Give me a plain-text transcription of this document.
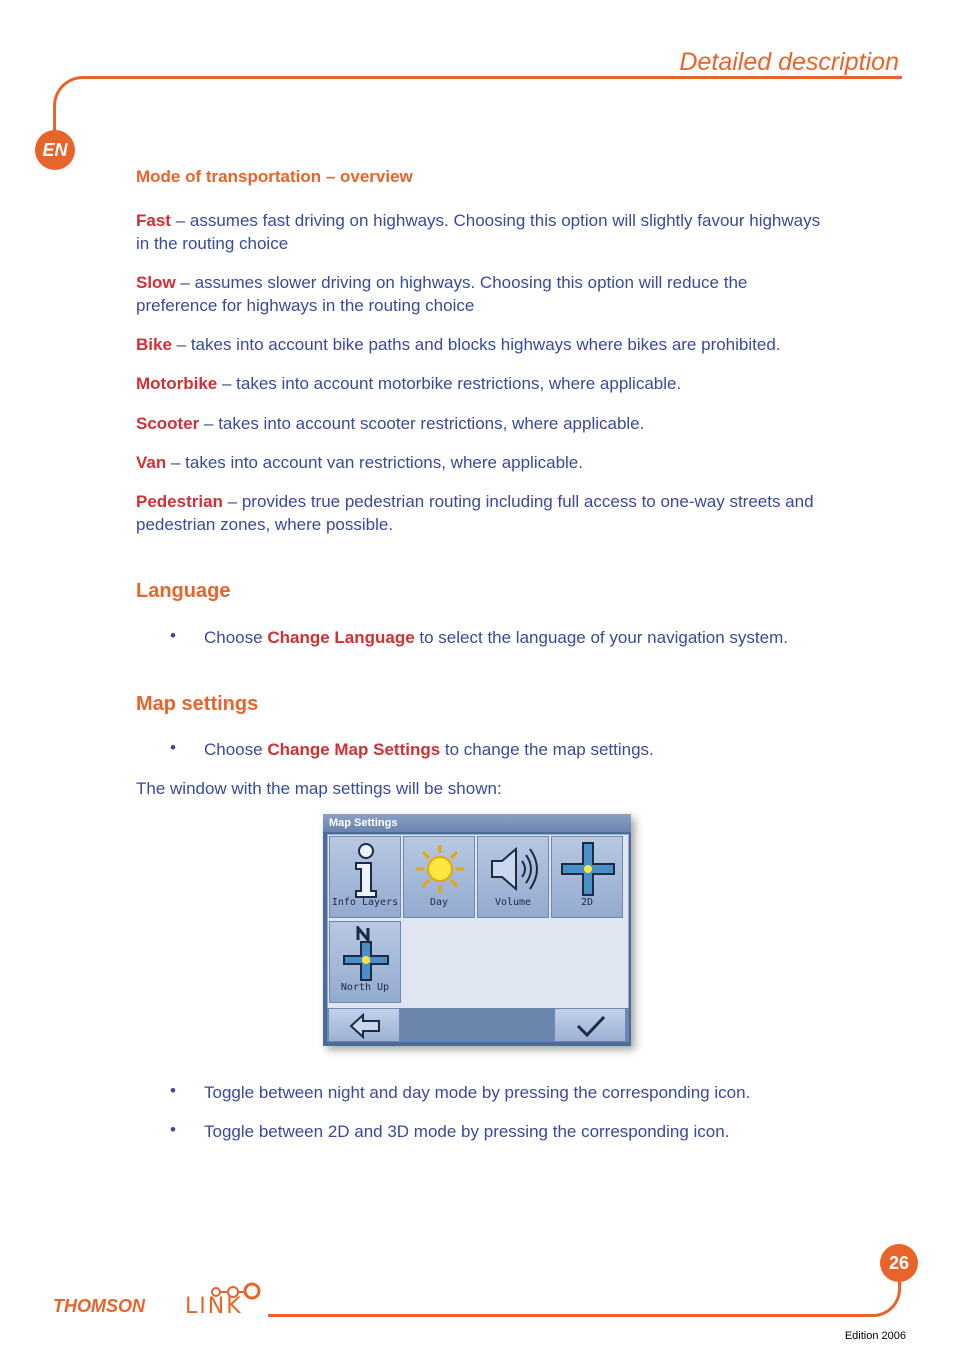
Detailed description
EN
Mode of transportation – overview
Fast – assumes fast driving on highways. Choosing this option will slightly favour highways in the routing choice
Slow – assumes slower driving on highways. Choosing this option will reduce the preference for highways in the routing choice
Bike – takes into account bike paths and blocks highways where bikes are prohibited.
Motorbike – takes into account motorbike restrictions, where applicable.
Scooter – takes into account scooter restrictions, where applicable.
Van – takes into account van restrictions, where applicable.
Pedestrian – provides true pedestrian routing including full access to one-way streets and pedestrian zones, where possible.
Language
• Choose Change Language to select the language of your navigation system.
Map settings
• Choose Change Map Settings to change the map settings.
The window with the map settings will be shown:
Map Settings
Info Layers	Day	Volume	2D
North Up
• Toggle between night and day mode by pressing the corresponding icon.
• Toggle between 2D and 3D mode by pressing the corresponding icon.
26
THOMSON LINK
Edition 2006
